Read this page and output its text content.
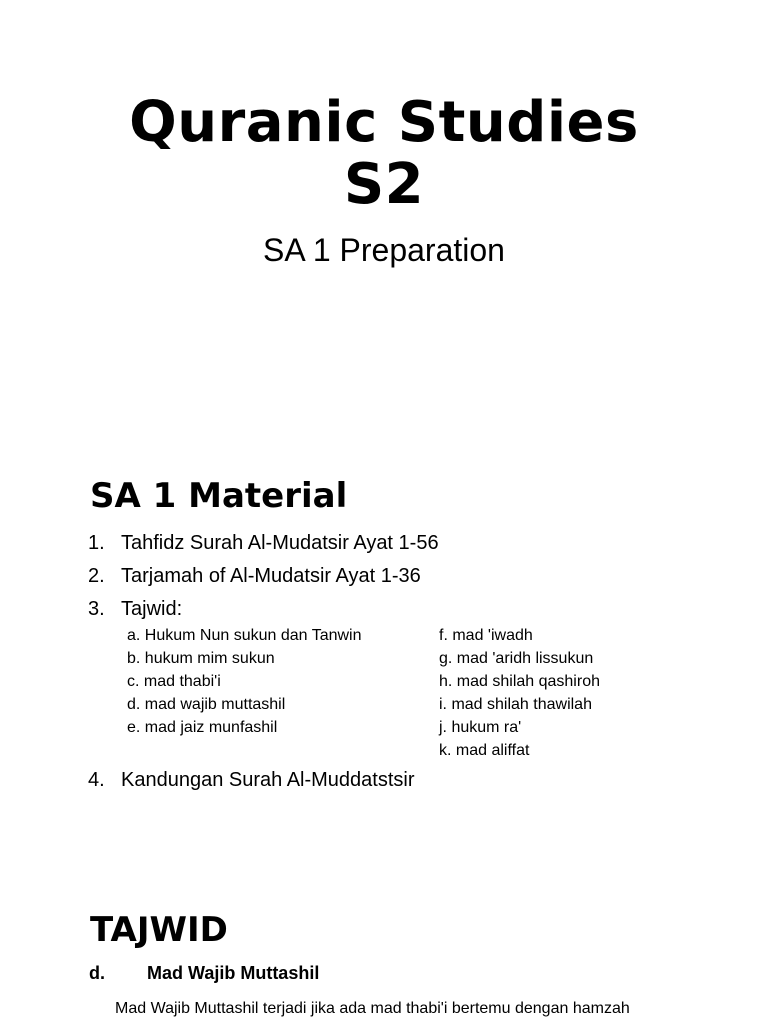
Quranic Studies
S2
SA 1 Preparation
SA 1 Material
1. Tahfidz Surah Al-Mudatsir Ayat 1-56
2. Tarjamah of Al-Mudatsir Ayat 1-36
3. Tajwid:
a. Hukum Nun sukun dan Tanwin
b. hukum mim sukun
c. mad thabi'i
d. mad wajib muttashil
e. mad jaiz munfashil
f. mad 'iwadh
g. mad 'aridh lissukun
h. mad shilah qashiroh
i. mad shilah thawilah
j. hukum ra'
k. mad aliffat
4. Kandungan Surah Al-Muddatstsir
TAJWID
d.	Mad Wajib Muttashil
Mad Wajib Muttashil terjadi jika ada mad thabi'i bertemu dengan hamzah
